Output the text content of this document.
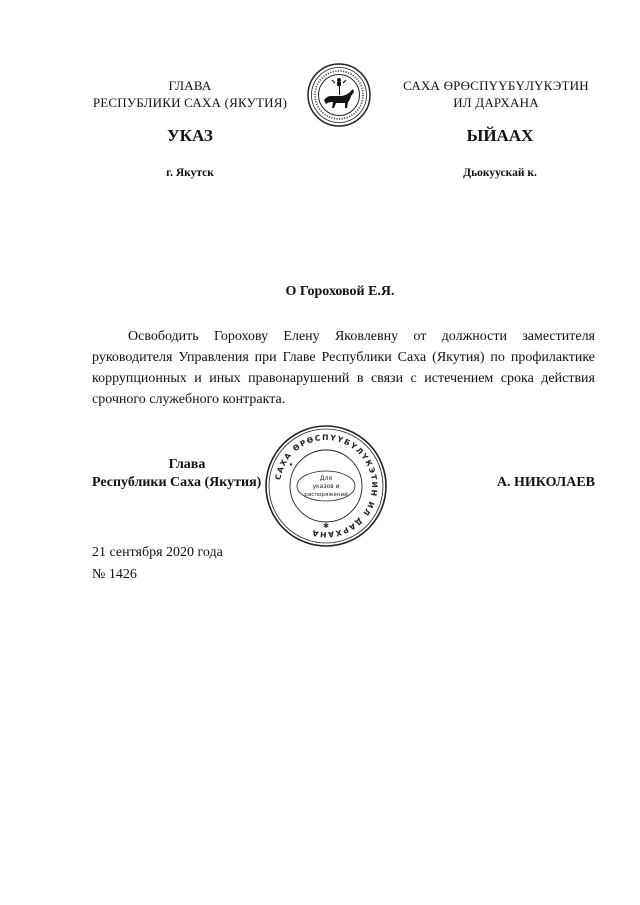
ГЛАВА
РЕСПУБЛИКИ САХА (ЯКУТИЯ)
САХА ӨРӨСПҮҮБҮЛҮКЭТИН
ИЛ ДАРХАНА
УКАЗ	ЫЙААХ
г. Якутск	Дьокуускай к.
О Гороховой Е.Я.

Освободить Горохову Елену Яковлевну от должности заместителя руководителя Управления при Главе Республики Саха (Якутия) по профилактике коррупционных и иных правонарушений в связи с истечением срока действия срочного служебного контракта.

Глава
Республики Саха (Якутия)	САХА ӨРӨСПҮҮБҮЛҮКЭТИН ИЛ ДАРХАНА
Для
указов и
распоряжений
✱
★
А. НИКОЛАЕВ
21 сентября 2020 года
№ 1426
